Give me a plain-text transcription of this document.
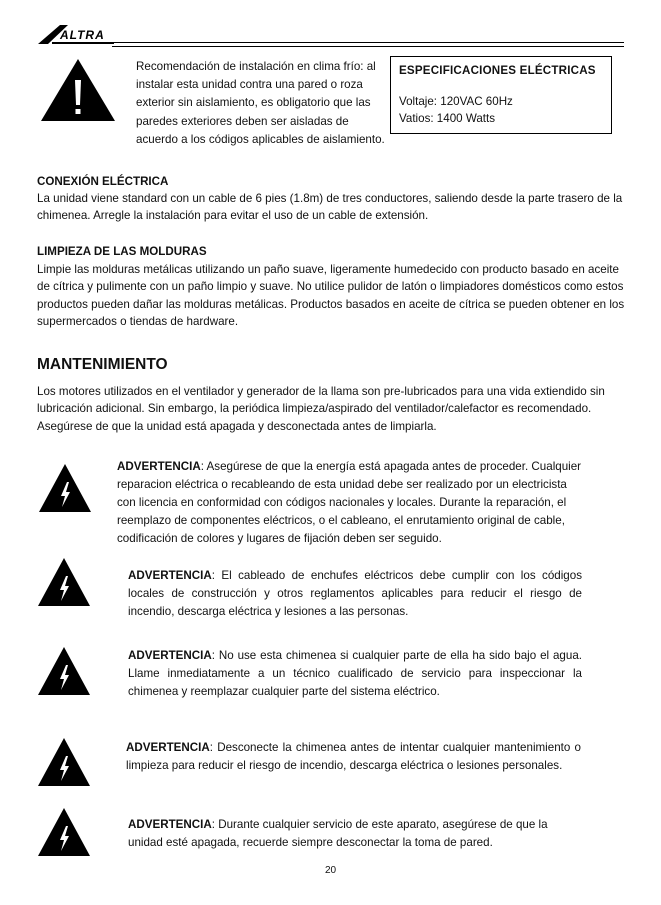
ALTRA
Recomendación de instalación en clima frío: al instalar esta unidad contra una pared o roza exterior sin aislamiento, es obligatorio que las paredes exteriores deben ser aisladas de acuerdo a los códigos aplicables de aislamiento.
ESPECIFICACIONES ELÉCTRICAS
Voltaje: 120VAC 60Hz
Vatios: 1400 Watts
CONEXIÓN ELÉCTRICA
La unidad viene standard con un cable de 6 pies (1.8m) de tres conductores, saliendo desde la parte trasero de la chimenea. Arregle la instalación para evitar el uso de un cable de extensión.
LIMPIEZA DE LAS MOLDURAS
Limpie las molduras metálicas utilizando un paño suave, ligeramente humedecido con producto basado en aceite de cítrica y pulimente con un paño limpio y suave. No utilice pulidor de latón o limpiadores domésticos como estos productos pueden dañar las molduras metálicas. Productos basados en aceite de cítrica se pueden obtener en los supermercados o tiendas de hardware.
MANTENIMIENTO
Los motores utilizados en el ventilador y generador de la llama son pre-lubricados para una vida extiendido sin lubricación adicional. Sin embargo, la periódica limpieza/aspirado del ventilador/calefactor es recomendado. Asegúrese de que la unidad está apagada y desconectada antes de limpiarla.
ADVERTENCIA: Asegúrese de que la energía está apagada antes de proceder. Cualquier reparacion eléctrica o recableando de esta unidad debe ser realizado por un electricista con licencia en conformidad con códigos nacionales y locales. Durante la reparación, el reemplazo de componentes eléctricos, o el cableano, el enrutamiento original de cable, codificación de colores y lugares de fijación deben ser seguido.
ADVERTENCIA: El cableado de enchufes eléctricos debe cumplir con los códigos locales de construcción y otros reglamentos aplicables para reducir el riesgo de incendio, descarga eléctrica y lesiones a las personas.
ADVERTENCIA: No use esta chimenea si cualquier parte de ella ha sido bajo el agua. Llame inmediatamente a un técnico cualificado de servicio para inspeccionar la chimenea y reemplazar cualquier parte del sistema eléctrico.
ADVERTENCIA: Desconecte la chimenea antes de intentar cualquier mantenimiento o limpieza para reducir el riesgo de incendio, descarga eléctrica o lesiones personales.
ADVERTENCIA: Durante cualquier servicio de este aparato, asegúrese de que la unidad esté apagada, recuerde siempre desconectar la toma de pared.
20
